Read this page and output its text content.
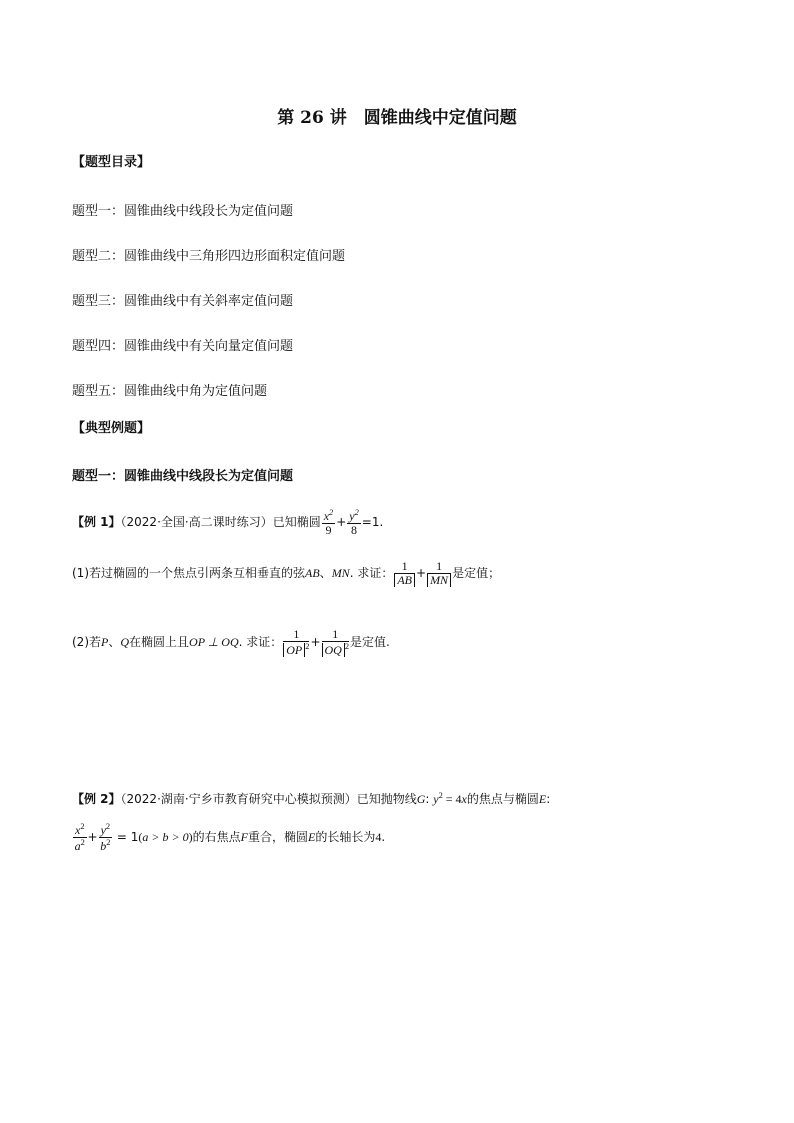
第 26 讲　圆锥曲线中定值问题
【题型目录】
题型一：圆锥曲线中线段长为定值问题
题型二：圆锥曲线中三角形四边形面积定值问题
题型三：圆锥曲线中有关斜率定值问题
题型四：圆锥曲线中有关向量定值问题
题型五：圆锥曲线中角为定值问题
【典型例题】
题型一：圆锥曲线中线段长为定值问题
【例 1】（2022·全国·高二课时练习）已知椭圆 $\frac{x^2}{9} + \frac{y^2}{8} =1$.
(1)若过椭圆的一个焦点引两条互相垂直的弦AB、MN. 求证： $\frac{1}{AB} + \frac{1}{MN}$ 是定值；
(2)若P、Q在椭圆上且OP ⊥ OQ. 求证： $\frac{1}{OP ^2} + \frac{1}{OQ ^2}$ 是定值.
【例 2】（2022·湖南·宁乡市教育研究中心模拟预测）已知抛物线G: $y^2 = 4x$的焦点与椭圆E:
$\frac{x^2}{a^2} + \frac{y^2}{b^2} = 1(a > b > 0)$的右焦点F重合，椭圆E的长轴长为4.
